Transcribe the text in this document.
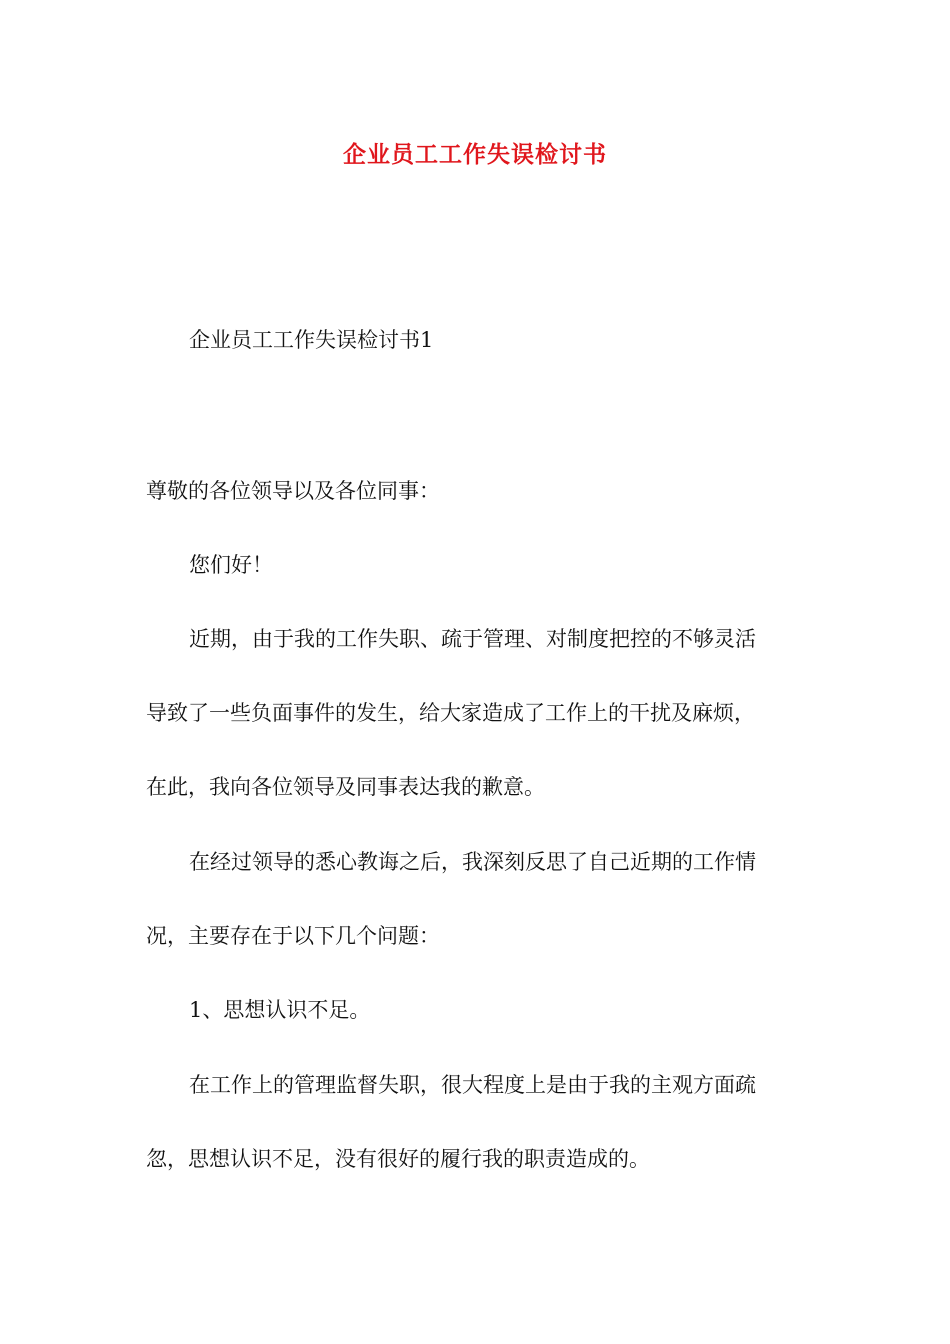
企业员工工作失误检讨书

企业员工工作失误检讨书1

尊敬的各位领导以及各位同事：

您们好！

近期，由于我的工作失职、疏于管理、对制度把控的不够灵活

导致了一些负面事件的发生，给大家造成了工作上的干扰及麻烦，

在此，我向各位领导及同事表达我的歉意。

在经过领导的悉心教诲之后，我深刻反思了自己近期的工作情

况，主要存在于以下几个问题：

1、思想认识不足。

在工作上的管理监督失职，很大程度上是由于我的主观方面疏

忽，思想认识不足，没有很好的履行我的职责造成的。
